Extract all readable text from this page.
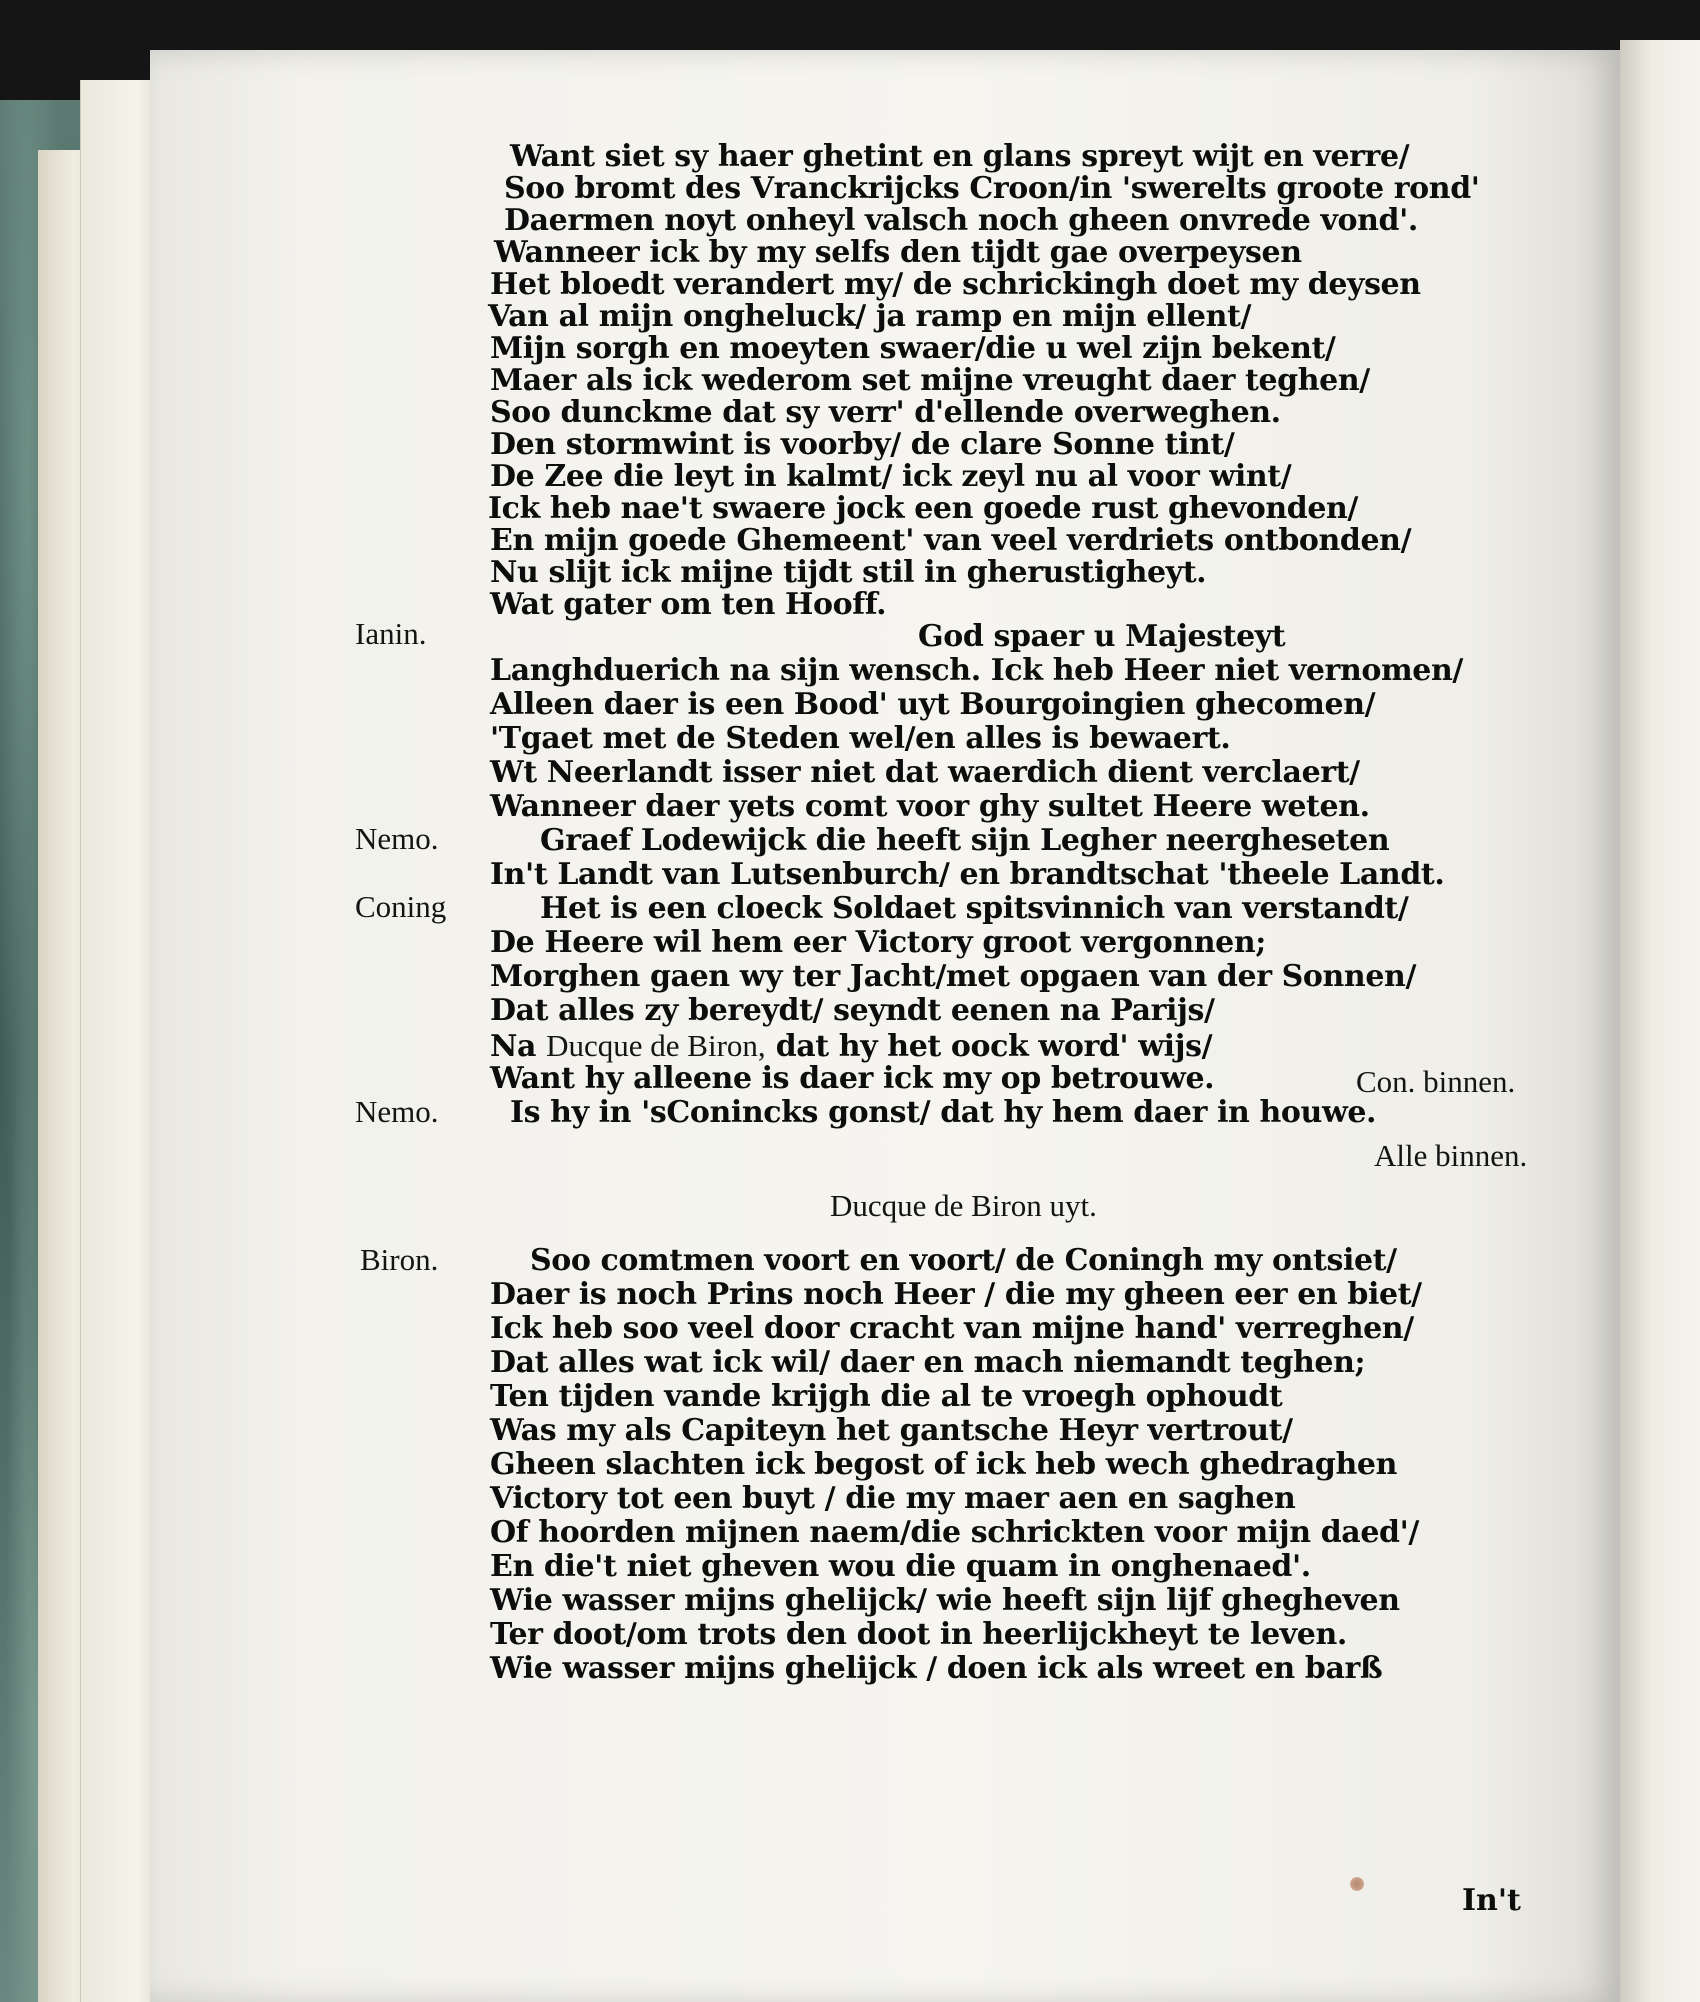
Want siet sy haer ghetint en glans spreyt wijt en verre/
Soo bromt des Vranckrijcks Croon/in 'swerelts groote rond'
Daermen noyt onheyl valsch noch gheen onvrede vond'.
Wanneer ick by my selfs den tijdt gae overpeysen
Het bloedt verandert my/ de schrickingh doet my deysen
Van al mijn ongheluck/ ja ramp en mijn ellent/
Mijn sorgh en moeyten swaer/die u wel zijn bekent/
Maer als ick wederom set mijne vreught daer teghen/
Soo dunckme dat sy verr' d'ellende overweghen.
Den stormwint is voorby/ de clare Sonne tint/
De Zee die leyt in kalmt/ ick zeyl nu al voor wint/
Ick heb nae't swaere jock een goede rust ghevonden/
En mijn goede Ghemeent' van veel verdriets ontbonden/
Nu slijt ick mijne tijdt stil in gherustigheyt.
Wat gater om ten Hooff.
Ianin.	God spaer u Majesteyt
Langhduerich na sijn wensch. Ick heb Heer niet vernomen/
Alleen daer is een Bood' uyt Bourgoingien ghecomen/
'Tgaet met de Steden wel/en alles is bewaert.
Wt Neerlandt isser niet dat waerdich dient verclaert/
Wanneer daer yets comt voor ghy sultet Heere weten.
Nemo.	Graef Lodewijck die heeft sijn Legher neergheseten
In't Landt van Lutsenburch/ en brandtschat 'theele Landt.
Coning	Het is een cloeck Soldaet spitsvinnich van verstandt/
De Heere wil hem eer Victory groot vergonnen;
Morghen gaen wy ter Jacht/met opgaen van der Sonnen/
Dat alles zy bereydt/ seyndt eenen na Parijs/
Na Ducque de Biron, dat hy het oock word' wijs/
Want hy alleene is daer ick my op betrouwe.	Con. binnen.
Nemo. Is hy in 'sConincks gonst/ dat hy hem daer in houwe.
Alle binnen.
Ducque de Biron uyt.
Biron.	Soo comtmen voort en voort/ de Coningh my ontsiet/
Daer is noch Prins noch Heer / die my gheen eer en biet/
Ick heb soo veel door cracht van mijne hand' verreghen/
Dat alles wat ick wil/ daer en mach niemandt teghen;
Ten tijden vande krijgh die al te vroegh ophoudt
Was my als Capiteyn het gantsche Heyr vertrout/
Gheen slachten ick begost of ick heb wech ghedraghen
Victory tot een buyt / die my maer aen en saghen
Of hoorden mijnen naem/die schrickten voor mijn daed'/
En die't niet gheven wou die quam in onghenaed'.
Wie wasser mijns ghelijck/ wie heeft sijn lijf ghegheven
Ter doot/om trots den doot in heerlijckheyt te leven.
Wie wasser mijns ghelijck / doen ick als wreet en barß
In't
